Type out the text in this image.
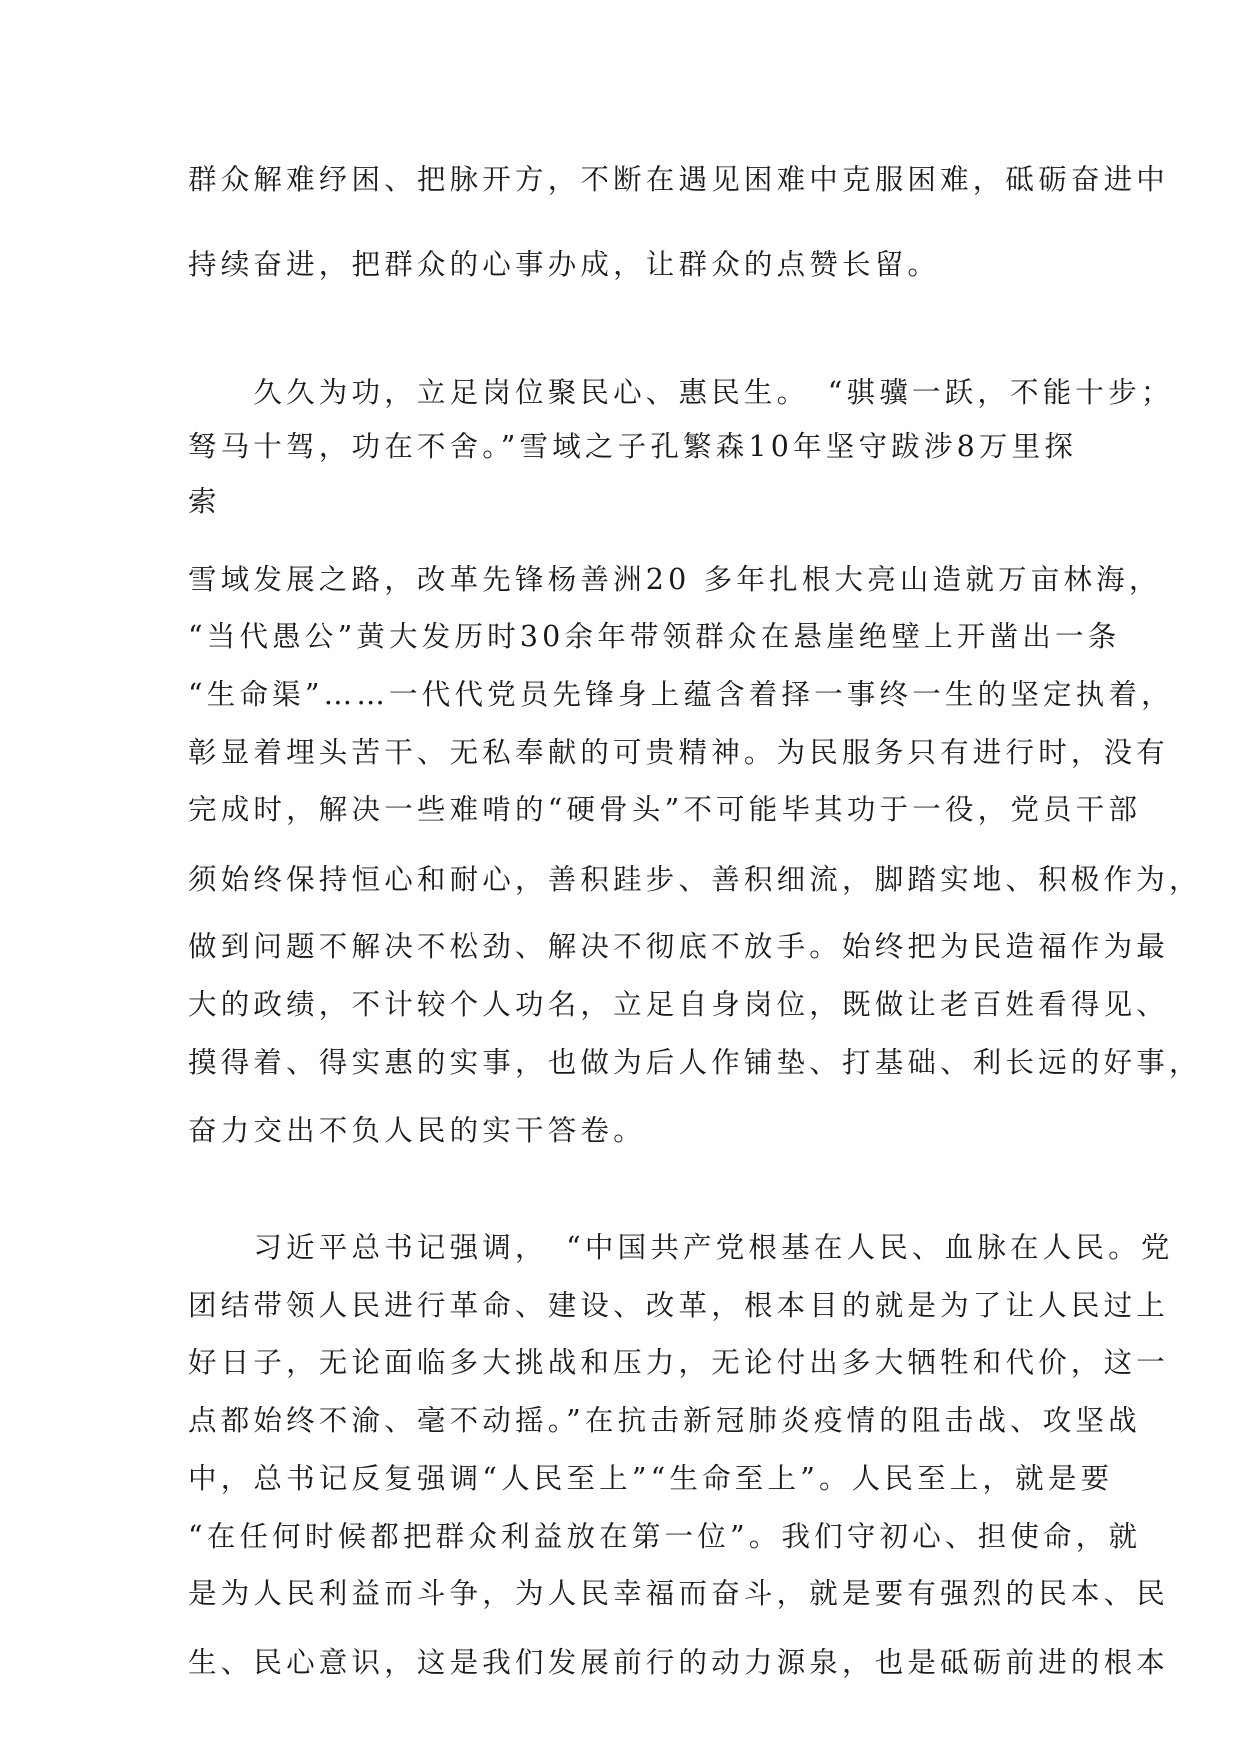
群众解难纾困、把脉开方，不断在遇见困难中克服困难，砥砺奋进中

持续奋进，把群众的心事办成，让群众的点赞长留。

　　久久为功，立足岗位聚民心、惠民生。　“骐骥一跃，不能十步；

驽马十驾，功在不舍。”雪域之子孔繁森10年坚守跋涉8万里探

索

雪域发展之路，改革先锋杨善洲20 多年扎根大亮山造就万亩林海，

“当代愚公”黄大发历时30余年带领群众在悬崖绝壁上开凿出一条

“生命渠”……一代代党员先锋身上蕴含着择一事终一生的坚定执着，

彰显着埋头苦干、无私奉献的可贵精神。为民服务只有进行时，没有

完成时，解决一些难啃的“硬骨头”不可能毕其功于一役，党员干部

须始终保持恒心和耐心，善积跬步、善积细流，脚踏实地、积极作为，

做到问题不解决不松劲、解决不彻底不放手。始终把为民造福作为最

大的政绩，不计较个人功名，立足自身岗位，既做让老百姓看得见、

摸得着、得实惠的实事，也做为后人作铺垫、打基础、利长远的好事，

奋力交出不负人民的实干答卷。

　　习近平总书记强调，　“中国共产党根基在人民、血脉在人民。党

团结带领人民进行革命、建设、改革，根本目的就是为了让人民过上

好日子，无论面临多大挑战和压力，无论付出多大牺牲和代价，这一

点都始终不渝、毫不动摇。”在抗击新冠肺炎疫情的阻击战、攻坚战

中，总书记反复强调“人民至上”“生命至上”。人民至上，就是要

“在任何时候都把群众利益放在第一位”。我们守初心、担使命，就

是为人民利益而斗争，为人民幸福而奋斗，就是要有强烈的民本、民

生、民心意识，这是我们发展前行的动力源泉，也是砥砺前进的根本
